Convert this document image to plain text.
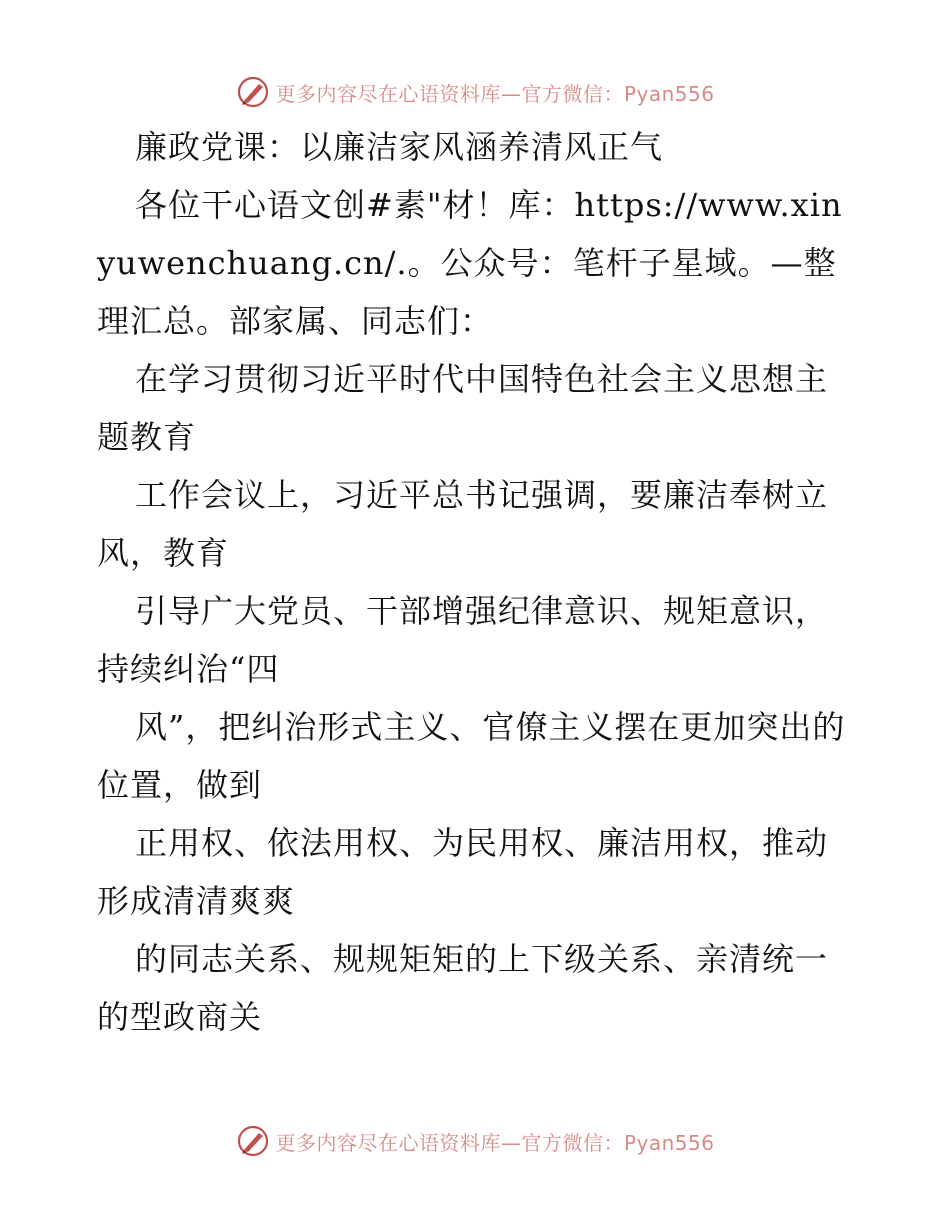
更多内容尽在心语资料库—官方微信：Pyan556

廉政党课：以廉洁家风涵养清风正气

各位干心语文创#素"材！库：https://www.xinyuwenchuang.cn/.。公众号：笔杆子星域。—整理汇总。部家属、同志们：

在学习贯彻习近平时代中国特色社会主义思想主题教育

工作会议上，习近平总书记强调，要廉洁奉树立风，教育

引导广大党员、干部增强纪律意识、规矩意识，持续纠治“四

风”，把纠治形式主义、官僚主义摆在更加突出的位置，做到

正用权、依法用权、为民用权、廉洁用权，推动形成清清爽爽

的同志关系、规规矩矩的上下级关系、亲清统一的型政商关

更多内容尽在心语资料库—官方微信：Pyan556
